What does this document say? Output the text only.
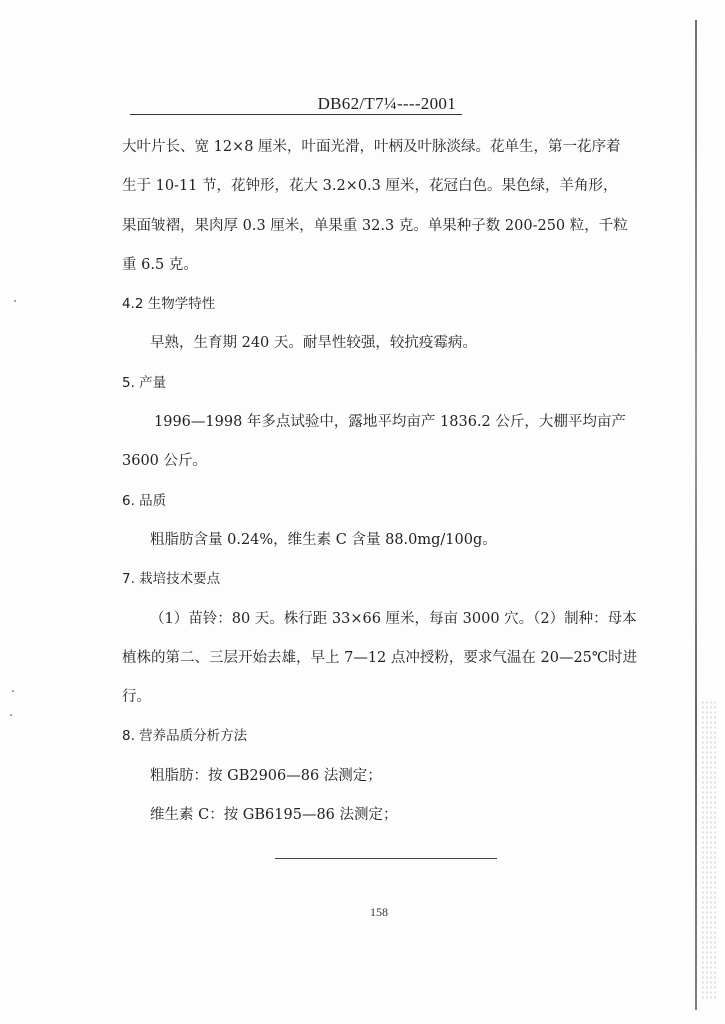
DB62/T7¼----2001
大叶片长、宽 12×8 厘米，叶面光滑，叶柄及叶脉淡绿。花单生，第一花序着
生于 10-11 节，花钟形，花大 3.2×0.3 厘米，花冠白色。果色绿，羊角形，
果面皱褶，果肉厚 0.3 厘米，单果重 32.3 克。单果种子数 200-250 粒，千粒
重 6.5 克。
4.2 生物学特性
早熟，生育期 240 天。耐旱性较强，较抗疫霉病。
5. 产量
1996—1998 年多点试验中，露地平均亩产 1836.2 公斤，大棚平均亩产
3600 公斤。
6. 品质
粗脂肪含量 0.24%，维生素 C 含量 88.0mg/100g。
7. 栽培技术要点
（1）苗铃：80 天。株行距 33×66 厘米，每亩 3000 穴。（2）制种：母本
植株的第二、三层开始去雄，早上 7—12 点冲授粉，要求气温在 20—25℃时进
行。
8. 营养品质分析方法
粗脂肪：按 GB2906—86 法测定；
维生素 C：按 GB6195—86 法测定；
158
